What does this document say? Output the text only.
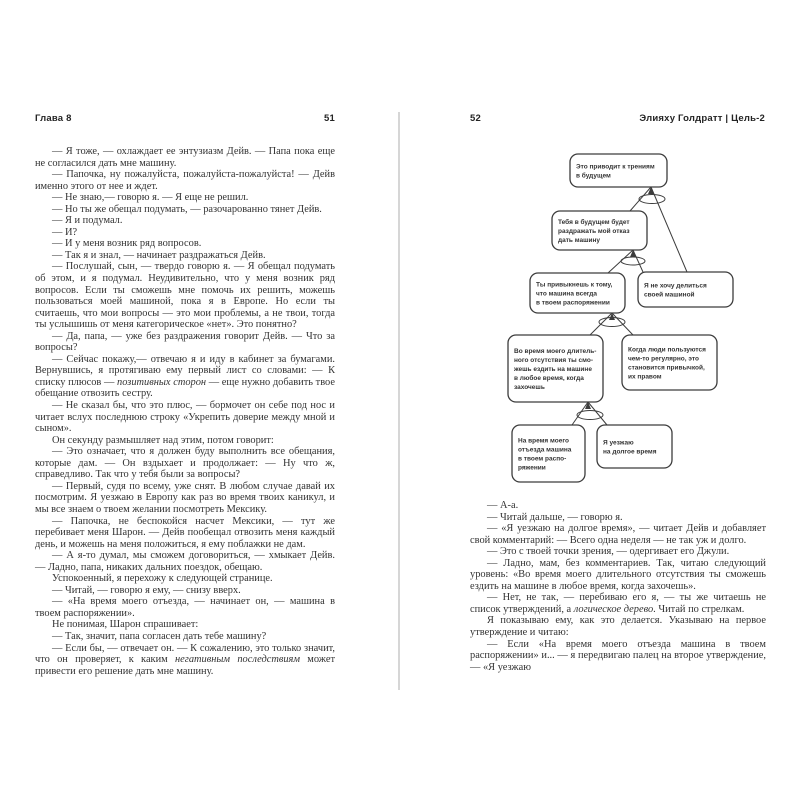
Глава 8	51	52	Элияху Голдратт | Цель-2

— Я тоже, — охлаждает ее энтузиазм Дейв. — Папа пока еще не согласился дать мне машину.

— Папочка, ну пожалуйста, пожалуйста-пожалуйста! — Дейв именно этого от нее и ждет.

— Не знаю,— говорю я. — Я еще не решил.

— Но ты же обещал подумать, — разочарованно тянет Дейв.

— Я и подумал.

— И?

— И у меня возник ряд вопросов.

— Так я и знал, — начинает раздражаться Дейв.

— Послушай, сын, — твердо говорю я. — Я обещал подумать об этом, и я подумал. Неудивительно, что у меня возник ряд вопросов. Если ты сможешь мне помочь их решить, можешь пользоваться моей машиной, пока я в Европе. Но если ты считаешь, что мои вопросы — это мои проблемы, а не твои, тогда ты услышишь от меня категорическое «нет». Это понятно?

— Да, папа, — уже без раздражения говорит Дейв. — Что за вопросы?

— Сейчас покажу,— отвечаю я и иду в кабинет за бумагами. Вернувшись, я протягиваю ему первый лист со словами: — К списку плюсов — позитивных сторон — еще нужно добавить твое обещание отвозить сестру.

— Не сказал бы, что это плюс, — бормочет он себе под нос и читает вслух последнюю строку «Укрепить доверие между мной и сыном».

Он секунду размышляет над этим, потом говорит:

— Это означает, что я должен буду выполнить все обещания, которые дам. — Он вздыхает и продолжает: — Ну что ж, справедливо. Так что у тебя были за вопросы?

— Первый, судя по всему, уже снят. В любом случае давай их посмотрим. Я уезжаю в Европу как раз во время твоих каникул, и мы все знаем о твоем желании посмотреть Мексику.

— Папочка, не беспокойся насчет Мексики, — тут же перебивает меня Шарон. — Дейв пообещал отвозить меня каждый день, и можешь на меня положиться, я ему поблажки не дам.

— А я-то думал, мы сможем договориться, — хмыкает Дейв. — Ладно, папа, никаких дальних поездок, обещаю.

Успокоенный, я перехожу к следующей странице.

— Читай, — говорю я ему, — снизу вверх.

— «На время моего отъезда, — начинает он, — машина в твоем распоряжении».

Не понимая, Шарон спрашивает:

— Так, значит, папа согласен дать тебе машину?

— Если бы, — отвечает он. — К сожалению, это только значит, что он проверяет, к каким негативным последствиям может привести его решение дать мне машину.

Это приводит к трениям
в будущем
Тебя в будущем будет
раздражать мой отказ
дать машину
Ты привыкнешь к тому,
что машина всегда
в твоем распоряжении
Я не хочу делиться
своей машиной
Во время моего длитель-
ного отсутствия ты смо-
жешь ездить на машине
в любое время, когда
захочешь
Когда люди пользуются
чем-то регулярно, это
становится привычкой,
их правом
На время моего
отъезда машина
в твоем распо-
ряжении
Я уезжаю
на долгое время

— А-а.

— Читай дальше, — говорю я.

— «Я уезжаю на долгое время», — читает Дейв и добавляет свой комментарий: — Всего одна неделя — не так уж и долго.

— Это с твоей точки зрения, — одергивает его Джули.

— Ладно, мам, без комментариев. Так, читаю следующий уровень: «Во время моего длительного отсутствия ты сможешь ездить на машине в любое время, когда захочешь».

— Нет, не так, — перебиваю его я, — ты же читаешь не список утверждений, а логическое дерево. Читай по стрелкам.

Я показываю ему, как это делается. Указываю на первое утверждение и читаю:

— Если «На время моего отъезда машина в твоем распоряжении» и... — я передвигаю палец на второе утверждение, — «Я уезжаю
